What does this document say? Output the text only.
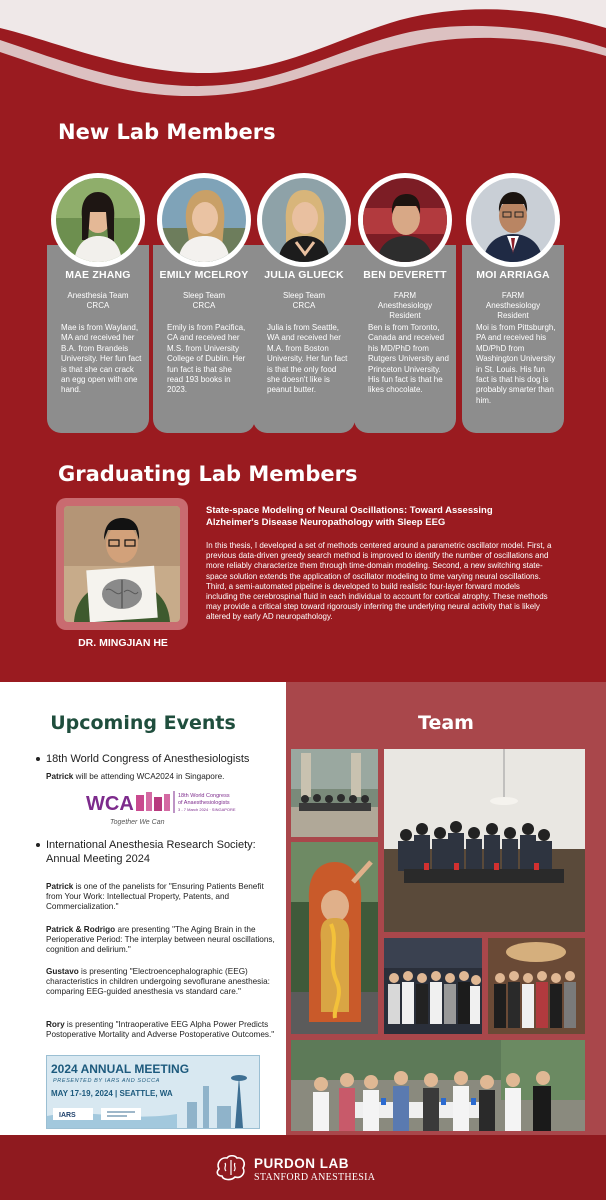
New Lab Members
MAE ZHANG
Anesthesia Team
CRCA
Mae is from Wayland, MA and received her B.A. from Brandeis University. Her fun fact is that she can crack an egg open with one hand.
EMILY MCELROY
Sleep Team
CRCA
Emily is from Pacifica, CA and received her M.S. from University College of Dublin. Her fun fact is that she read 193 books in 2023.
JULIA GLUECK
Sleep Team
CRCA
Julia is from Seattle, WA and received her M.A. from Boston University. Her fun fact is that the only food she doesn't like is peanut butter.
BEN DEVERETT
FARM
Anesthesiology
Resident
Ben is from Toronto, Canada and received his MD/PhD from Rutgers University and Princeton University. His fun fact is that he likes chocolate.
MOI ARRIAGA
FARM
Anesthesiology
Resident
Moi is from Pittsburgh, PA and received his MD/PhD from Washington University in St. Louis. His fun fact is that his dog is probably smarter than him.
Graduating Lab Members
DR. MINGJIAN HE
State-space Modeling of Neural Oscillations: Toward Assessing Alzheimer's Disease Neuropathology with Sleep EEG
In this thesis, I developed a set of methods centered around a parametric oscillator model. First, a previous data-driven greedy search method is improved to identify the number of oscillations and more reliably characterize them through time-domain modeling. Second, a new switching state-space solution extends the application of oscillator modeling to time varying neural oscillations. Third, a semi-automated pipeline is developed to build realistic four-layer forward models including the cerebrospinal fluid in each individual to account for cortical atrophy. These methods may provide a critical step toward rigorously inferring the underlying neural activity that is likely altered by early AD neuropathology.
Upcoming Events
18th World Congress of Anesthesiologists
Patrick will be attending WCA2024 in Singapore.
WCA	18th World Congress
of Anaesthesiologists
3 - 7 March 2024 · SINGAPORE
Together We Can
International Anesthesia Research Society: Annual Meeting 2024
Patrick is one of the panelists for "Ensuring Patients Benefit from Your Work: Intellectual Property, Patents, and Commercialization."
Patrick & Rodrigo are presenting "The Aging Brain in the Perioperative Period: The interplay between neural oscillations, cognition and delirium."
Gustavo is presenting "Electroencephalographic (EEG) characteristics in children undergoing sevoflurane anesthesia: comparing EEG-guided anesthesia vs standard care."
Rory is presenting "Intraoperative EEG Alpha Power Predicts Postoperative Mortality and Adverse Postoperative Outcomes."
2024 ANNUAL MEETING
PRESENTED BY IARS AND SOCCA
MAY 17-19, 2024 | SEATTLE, WA
IARS
Team
PURDON LAB
STANFORD ANESTHESIA
